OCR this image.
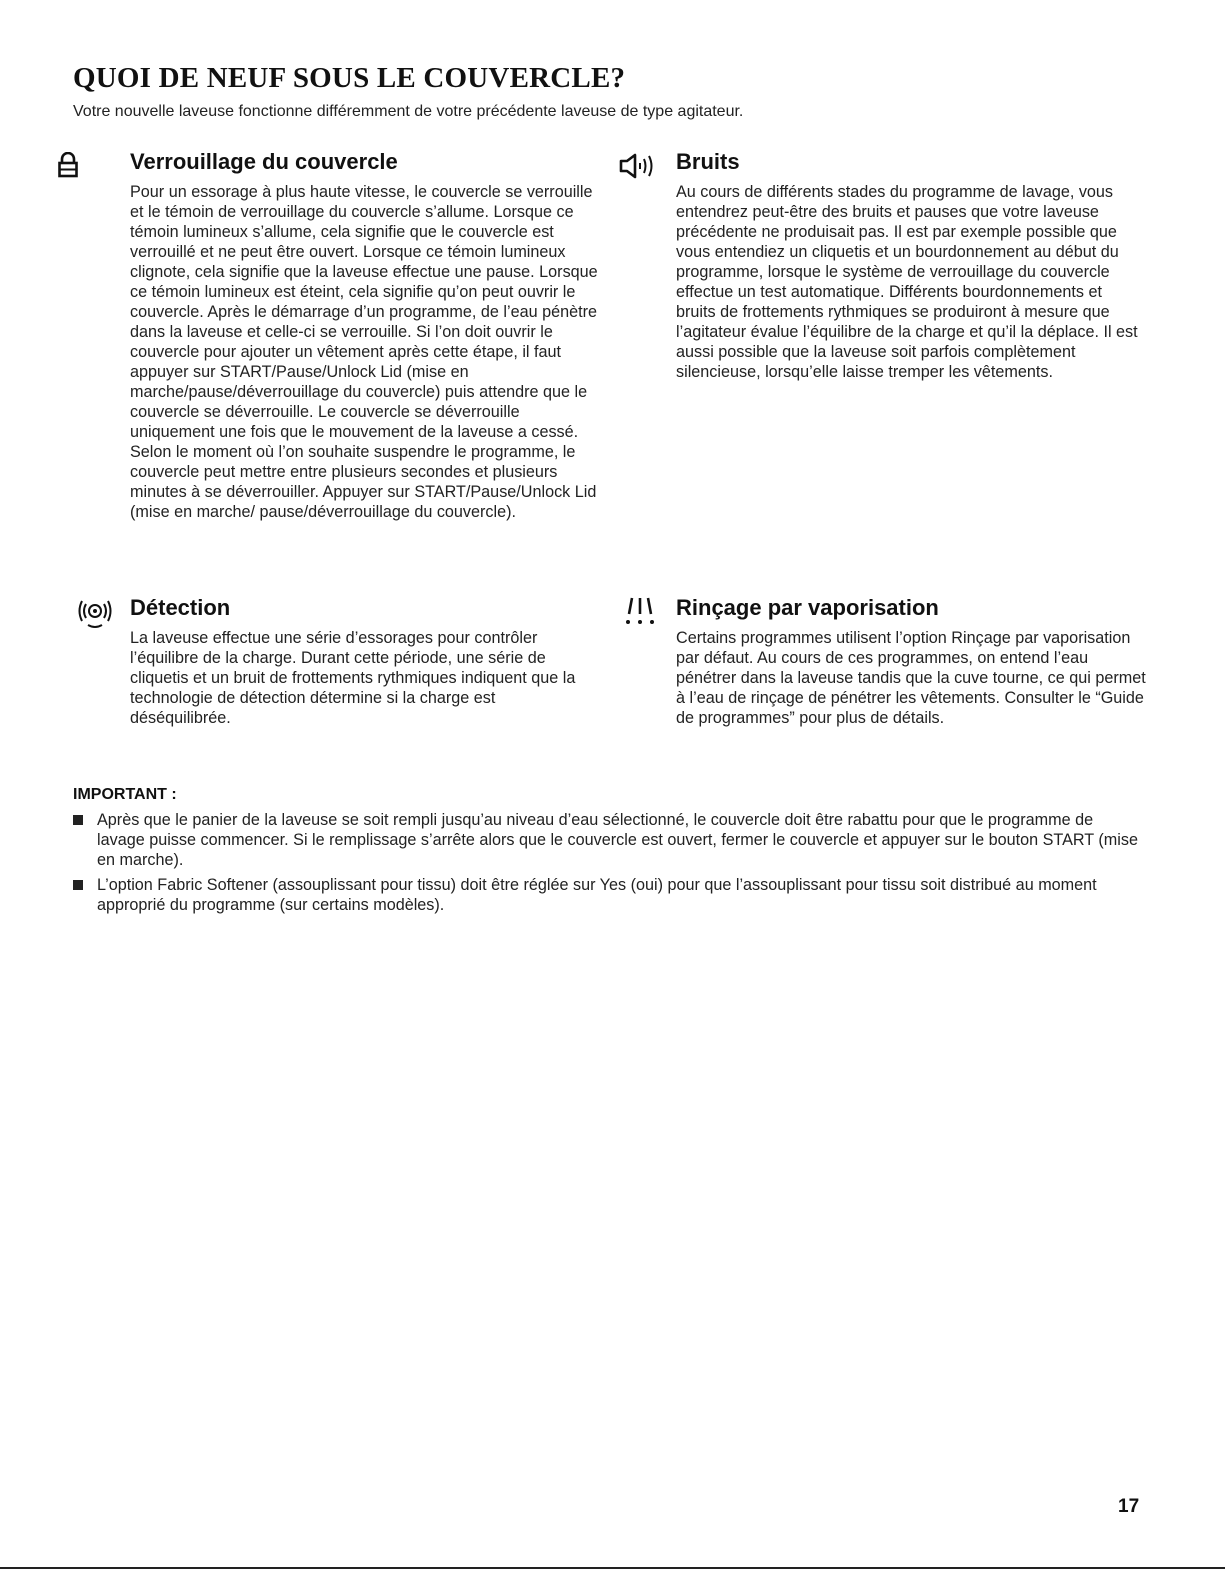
QUOI DE NEUF SOUS LE COUVERCLE?

Votre nouvelle laveuse fonctionne différemment de votre précédente laveuse de type agitateur.

Verrouillage du couvercle

Pour un essorage à plus haute vitesse, le couvercle se verrouille et le témoin de verrouillage du couvercle s’allume. Lorsque ce témoin lumineux s’allume, cela signifie que le couvercle est verrouillé et ne peut être ouvert. Lorsque ce témoin lumineux clignote, cela signifie que la laveuse effectue une pause. Lorsque ce témoin lumineux est éteint, cela signifie qu’on peut ouvrir le couvercle. Après le démarrage d’un programme, de l’eau pénètre dans la laveuse et celle-ci se verrouille. Si l’on doit ouvrir le couvercle pour ajouter un vêtement après cette étape, il faut appuyer sur START/Pause/Unlock Lid (mise en marche/pause/déverrouillage du couvercle) puis attendre que le couvercle se déverrouille. Le couvercle se déverrouille uniquement une fois que le mouvement de la laveuse a cessé. Selon le moment où l’on souhaite suspendre le programme, le couvercle peut mettre entre plusieurs secondes et plusieurs minutes à se déverrouiller. Appuyer sur START/Pause/Unlock Lid (mise en marche/ pause/déverrouillage du couvercle).

Bruits

Au cours de différents stades du programme de lavage, vous entendrez peut-être des bruits et pauses que votre laveuse précédente ne produisait pas. Il est par exemple possible que vous entendiez un cliquetis et un bourdonnement au début du programme, lorsque le système de verrouillage du couvercle effectue un test automatique. Différents bourdonnements et bruits de frottements rythmiques se produiront à mesure que l’agitateur évalue l’équilibre de la charge et qu’il la déplace. Il est aussi possible que la laveuse soit parfois complètement silencieuse, lorsqu’elle laisse tremper les vêtements.

Détection

La laveuse effectue une série d’essorages pour contrôler l’équilibre de la charge. Durant cette période, une série de cliquetis et un bruit de frottements rythmiques indiquent que la technologie de détection détermine si la charge est déséquilibrée.

Rinçage par vaporisation

Certains programmes utilisent l’option Rinçage par vaporisation par défaut. Au cours de ces programmes, on entend l’eau pénétrer dans la laveuse tandis que la cuve tourne, ce qui permet à l’eau de rinçage de pénétrer les vêtements. Consulter le “Guide de programmes” pour plus de détails.

IMPORTANT :
Après que le panier de la laveuse se soit rempli jusqu’au niveau d’eau sélectionné, le couvercle doit être rabattu pour que le programme de lavage puisse commencer. Si le remplissage s’arrête alors que le couvercle est ouvert, fermer le couvercle et appuyer sur le bouton START (mise en marche).
L’option Fabric Softener (assouplissant pour tissu) doit être réglée sur Yes (oui) pour que l’assouplissant pour tissu soit distribué au moment approprié du programme (sur certains modèles).
17
